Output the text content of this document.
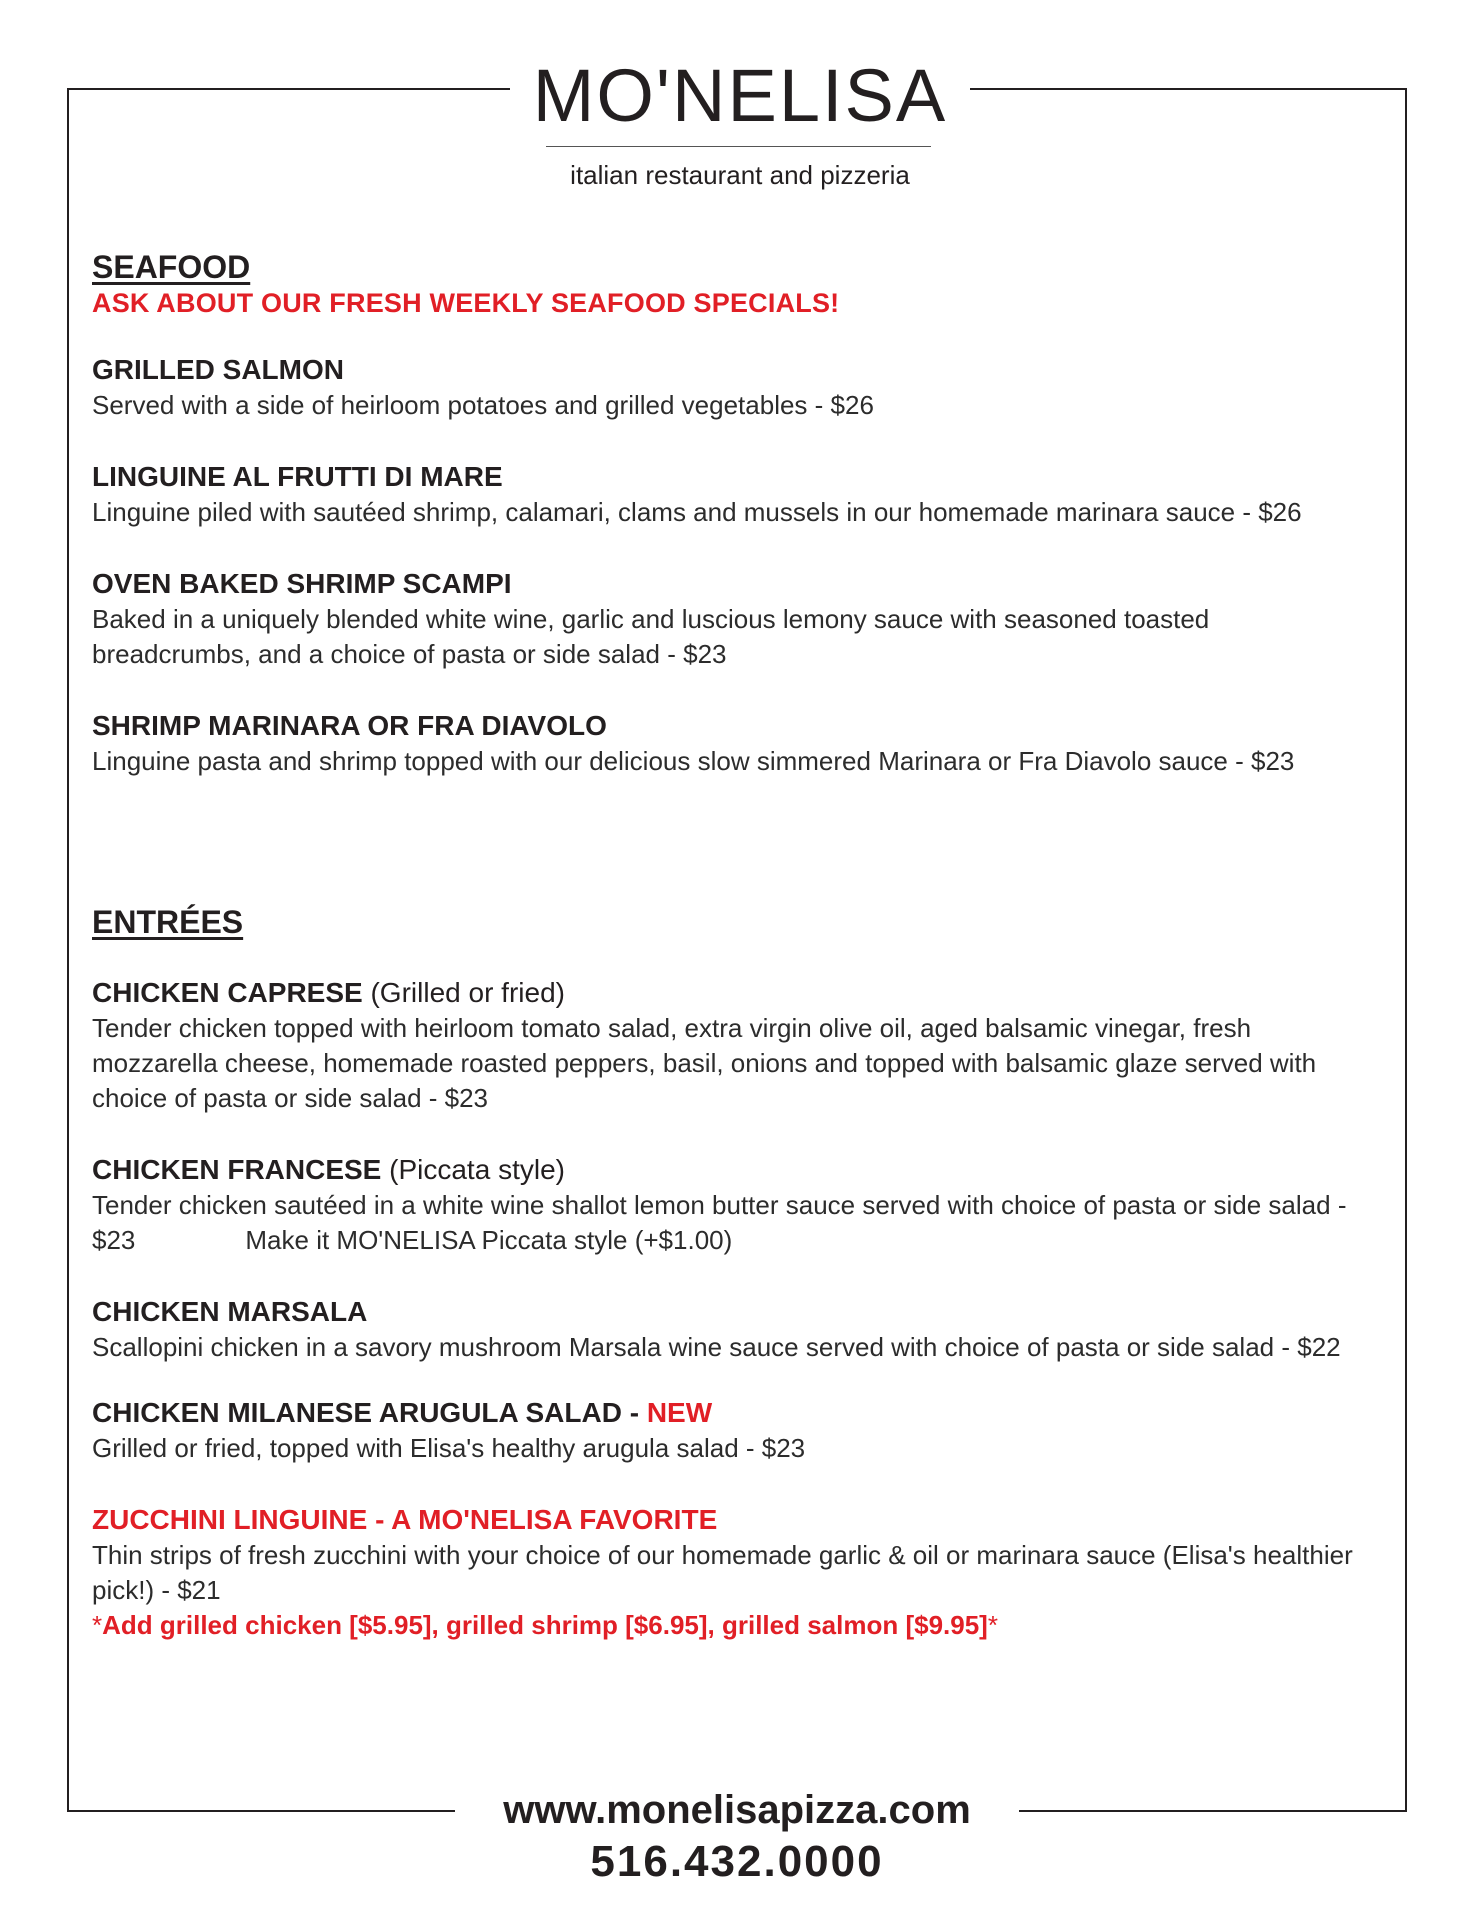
MO'NELISA
italian restaurant and pizzeria
SEAFOOD

ASK ABOUT OUR FRESH WEEKLY SEAFOOD SPECIALS!

GRILLED SALMON

Served with a side of heirloom potatoes and grilled vegetables - $26

LINGUINE AL FRUTTI DI MARE

Linguine piled with sautéed shrimp, calamari, clams and mussels in our homemade marinara sauce - $26

OVEN BAKED SHRIMP SCAMPI

Baked in a uniquely blended white wine, garlic and luscious lemony sauce with seasoned toasted breadcrumbs, and a choice of pasta or side salad - $23

SHRIMP MARINARA OR FRA DIAVOLO

Linguine pasta and shrimp topped with our delicious slow simmered Marinara or Fra Diavolo sauce - $23

ENTRÉES

CHICKEN CAPRESE (Grilled or fried)

Tender chicken topped with heirloom tomato salad, extra virgin olive oil, aged balsamic vinegar, fresh mozzarella cheese, homemade roasted peppers, basil, onions and topped with balsamic glaze served with choice of pasta or side salad - $23

CHICKEN FRANCESE (Piccata style)

Tender chicken sautéed in a white wine shallot lemon butter sauce served with choice of pasta or side salad - $23	Make it MO'NELISA Piccata style (+$1.00)

CHICKEN MARSALA

Scallopini chicken in a savory mushroom Marsala wine sauce served with choice of pasta or side salad - $22

CHICKEN MILANESE ARUGULA SALAD - NEW

Grilled or fried, topped with Elisa's healthy arugula salad - $23

ZUCCHINI LINGUINE - A MO'NELISA FAVORITE

Thin strips of fresh zucchini with your choice of our homemade garlic & oil or marinara sauce (Elisa's healthier pick!) - $21

*Add grilled chicken [$5.95], grilled shrimp [$6.95], grilled salmon [$9.95]*

www.monelisapizza.com

516.432.0000
